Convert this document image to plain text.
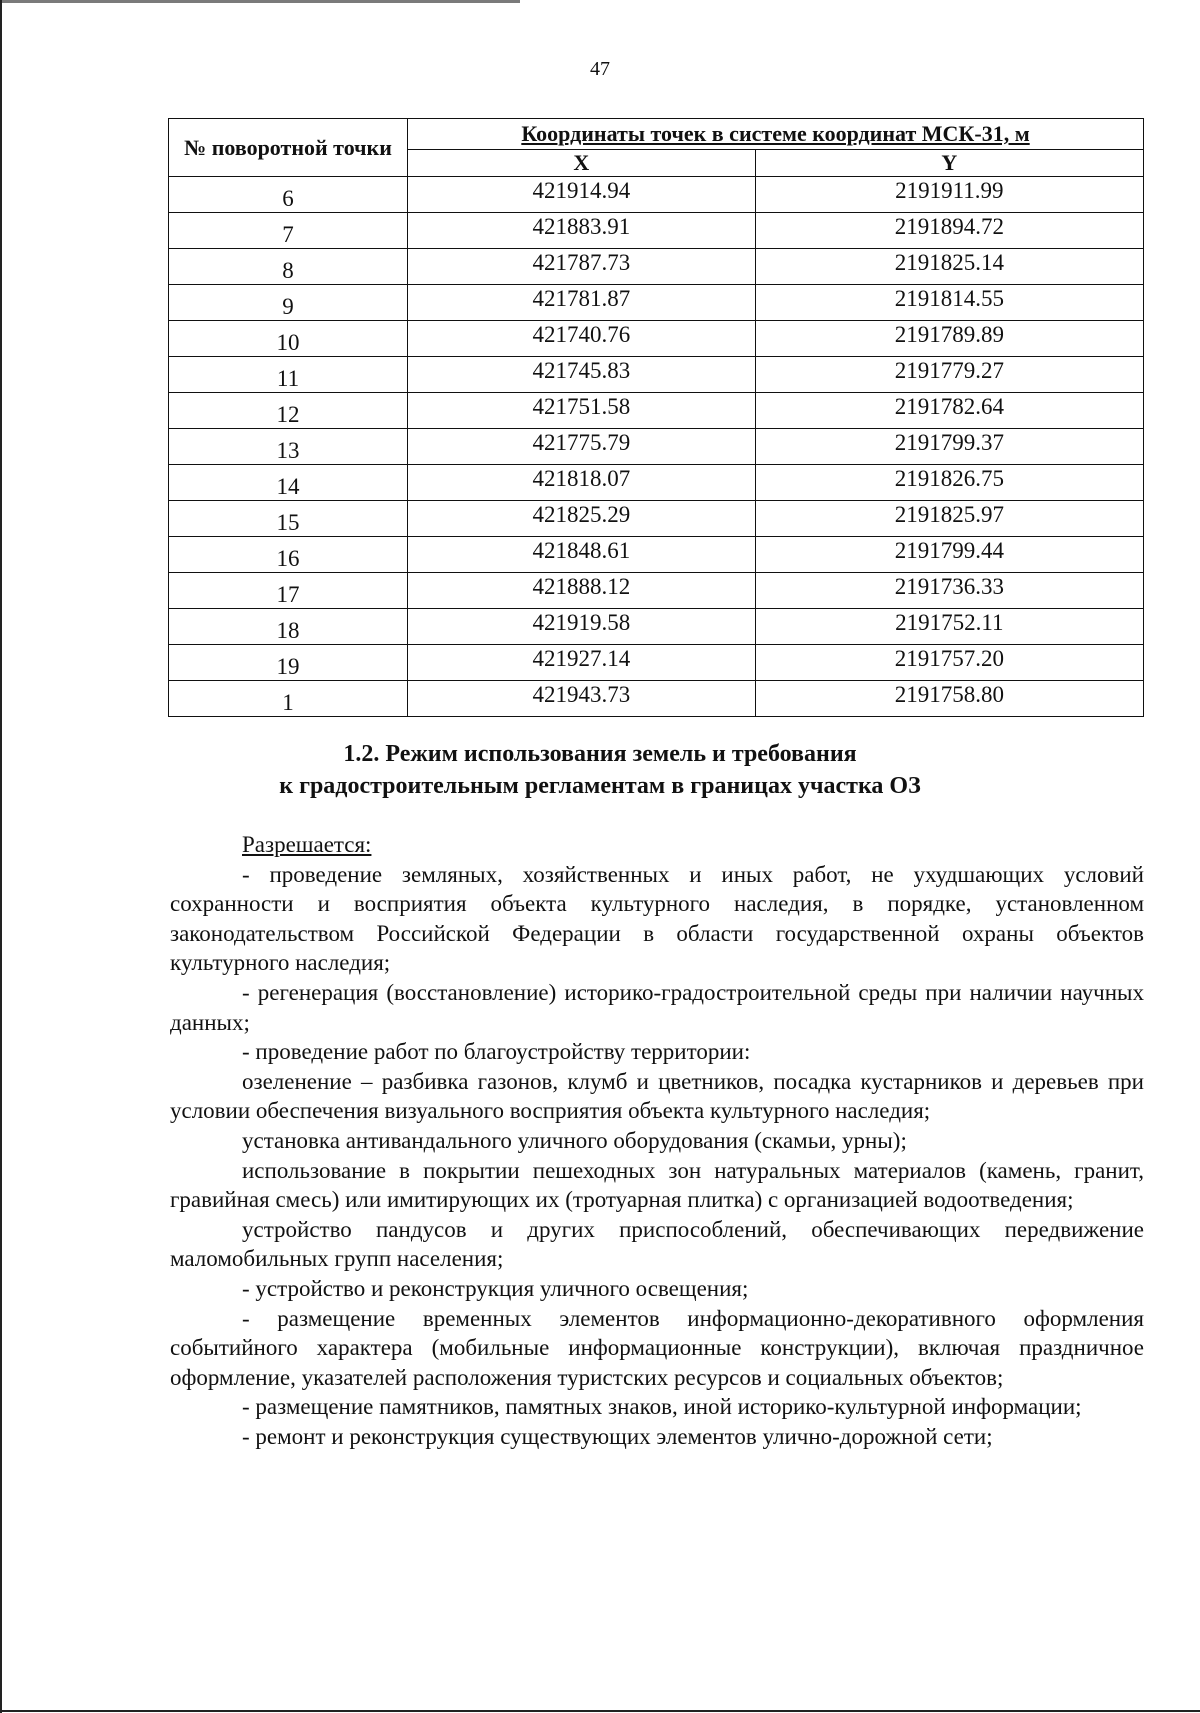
47
№ поворотной точки	Координаты точек в системе координат МСК-31, м	
	X	Y
6	421914.94	2191911.99
7	421883.91	2191894.72
8	421787.73	2191825.14
9	421781.87	2191814.55
10	421740.76	2191789.89
11	421745.83	2191779.27
12	421751.58	2191782.64
13	421775.79	2191799.37
14	421818.07	2191826.75
15	421825.29	2191825.97
16	421848.61	2191799.44
17	421888.12	2191736.33
18	421919.58	2191752.11
19	421927.14	2191757.20
1	421943.73	2191758.80
1.2. Режим использования земель и требования
к градостроительным регламентам в границах участка ОЗ

Разрешается:

- проведение земляных, хозяйственных и иных работ, не ухудшающих условий сохранности и восприятия объекта культурного наследия, в порядке, установленном законодательством Российской Федерации в области государственной охраны объектов культурного наследия;

- регенерация (восстановление) историко-градостроительной среды при наличии научных данных;

- проведение работ по благоустройству территории:

озеленение – разбивка газонов, клумб и цветников, посадка кустарников и деревьев при условии обеспечения визуального восприятия объекта культурного наследия;

установка антивандального уличного оборудования (скамьи, урны);

использование в покрытии пешеходных зон натуральных материалов (камень, гранит, гравийная смесь) или имитирующих их (тротуарная плитка) с организацией водоотведения;

устройство пандусов и других приспособлений, обеспечивающих передвижение маломобильных групп населения;

- устройство и реконструкция уличного освещения;

- размещение временных элементов информационно-декоративного оформления событийного характера (мобильные информационные конструкции), включая праздничное оформление, указателей расположения туристских ресурсов и социальных объектов;

- размещение памятников, памятных знаков, иной историко-культурной информации;

- ремонт и реконструкция существующих элементов улично-дорожной сети;
